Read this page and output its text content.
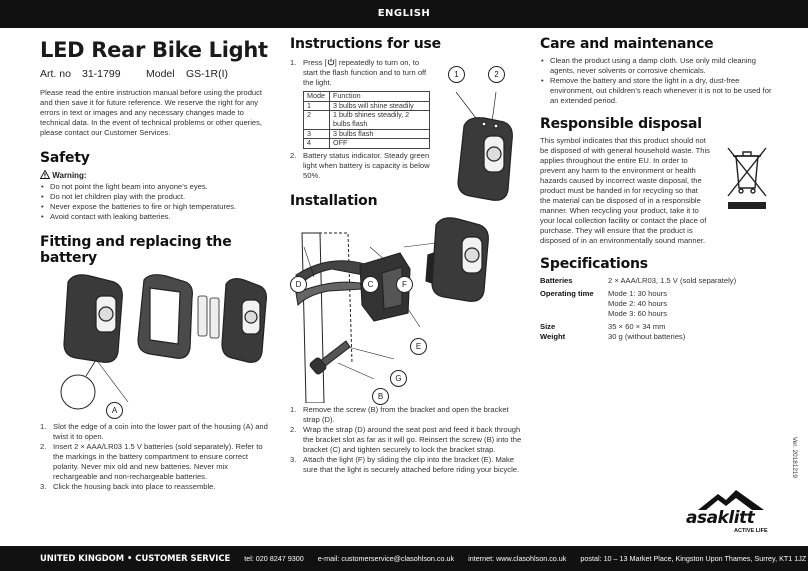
ENGLISH
LED Rear Bike Light
Art. no 31-1799 Model GS-1R(I)
Please read the entire instruction manual before using the product and then save it for future reference. We reserve the right for any errors in text or images and any necessary changes made to technical data. In the event of technical problems or other queries, please contact our Customer Services.
Safety
Warning:
• Do not point the light beam into anyone’s eyes.
• Do not let children play with the product.
• Never expose the batteries to fire or high temperatures.
• Avoid contact with leaking batteries.
Fitting and replacing the battery
A
1. Slot the edge of a coin into the lower part of the housing (A) and twist it to open.
2. Insert 2 × AAA/LR03 1.5 V batteries (sold separately). Refer to the markings in the battery compartment to ensure correct polarity. Never mix old and new batteries. Never mix rechargeable and non-rechargeable batteries.
3. Click the housing back into place to reassemble.
Instructions for use
1. Press [ ] repeatedly to turn on, to start the flash function and to turn off the light.
Mode	Function
1	3 bulbs will shine steadily
2	1 bulb shines steadily, 2 bulbs flash
3	3 bulbs flash
4	OFF
2. Battery status indicator. Steady green light when battery is capacity is below 50%.
1	2
Installation
D	C	F
E
G
B
1. Remove the screw (B) from the bracket and open the bracket strap (D).
2. Wrap the strap (D) around the seat post and feed it back through the bracket slot as far as it will go. Reinsert the screw (B) into the bracket (C) and tighten securely to lock the bracket strap.
3. Attach the light (F) by sliding the clip into the bracket (E). Make sure that the light is securely attached before riding your bicycle.
Care and maintenance
• Clean the product using a damp cloth. Use only mild cleaning agents, never solvents or corrosive chemicals.
• Remove the battery and store the light in a dry, dust-free environment, out children’s reach whenever it is not to be used for an extended period.
Responsible disposal
This symbol indicates that this product should not be disposed of with general household waste. This applies throughout the entire EU. In order to prevent any harm to the environment or health hazards caused by incorrect waste disposal, the product must be handed in for recycling so that the material can be disposed of in a responsible manner. When recycling your product, take it to your local collection facility or contact the place of purchase. They will ensure that the product is disposed of in an environmentally sound manner.
Specifications
Batteries	2 × AAA/LR03, 1.5 V (sold separately)
Operating time	Mode 1: 30 hours
Mode 2: 40 hours
Mode 3: 60 hours

Size	35 × 60 × 34 mm
Weight	30 g (without batteries)
Ver. 20181219
asaklitt
ACTIVE LIFE
UNITED KINGDOM • CUSTOMER SERVICE tel: 020 8247 9300 e-mail: customerservice@clasohlson.co.uk internet: www.clasohlson.co.uk postal: 10 – 13 Market Place, Kingston Upon Thames, Surrey, KT1 1JZ
